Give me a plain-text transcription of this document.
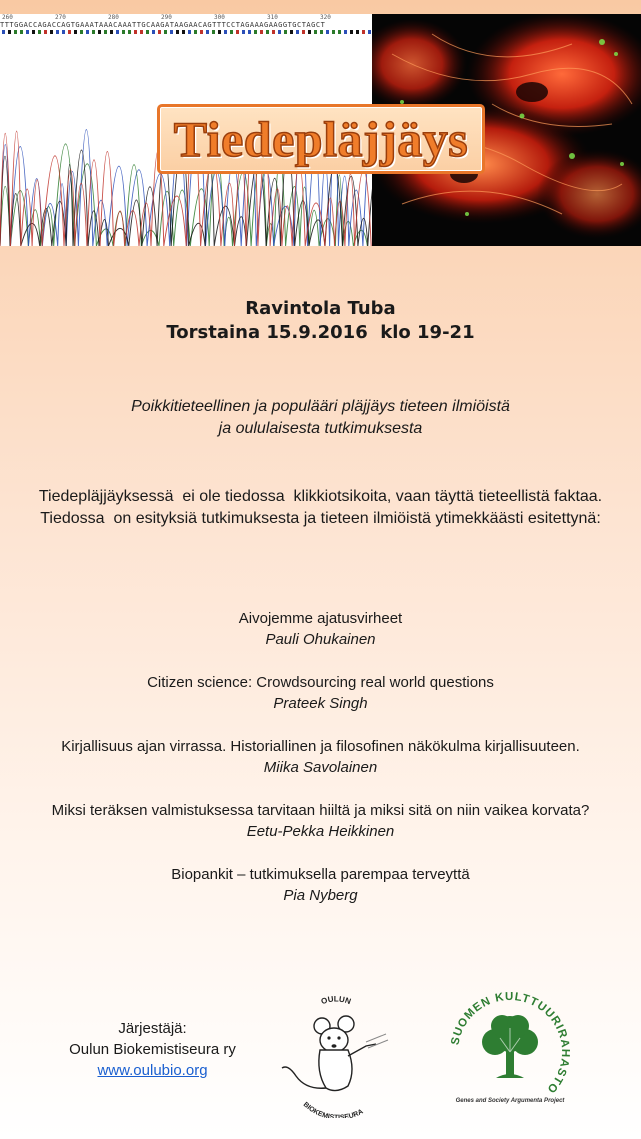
260	270	280	290	300	310	320
TTTGGACCAGACCAGTGAAATAAACAAATTGCAAGATAAGAACAGTTTCCTAGAAAGAAGGTGCTAGCT
Tiedepläjjäys
Ravintola Tuba
Torstaina 15.9.2016  klo 19-21
Poikkitieteellinen ja populääri pläjjäys tieteen ilmiöistä
ja oululaisesta tutkimuksesta
Tiedepläjjäyksessä  ei ole tiedossa  klikkiotsikoita, vaan täyttä tieteellistä faktaa.
Tiedossa  on esityksiä tutkimuksesta ja tieteen ilmiöistä ytimekkäästi esitettynä:
Aivojemme ajatusvirheet
Pauli Ohukainen
Citizen science: Crowdsourcing real world questions
Prateek Singh
Kirjallisuus ajan virrassa. Historiallinen ja filosofinen näkökulma kirjallisuuteen.
Miika Savolainen
Miksi teräksen valmistuksessa tarvitaan hiiltä ja miksi sitä on niin vaikea korvata?
Eetu-Pekka Heikkinen
Biopankit – tutkimuksella parempaa terveyttä
Pia Nyberg
Järjestäjä:
Oulun Biokemistiseura ry
www.oulubio.org
OULUN
BIOKEMISTISEURA
SUOMEN KULTTUURIRAHASTO
Genes and Society Argumenta Project
